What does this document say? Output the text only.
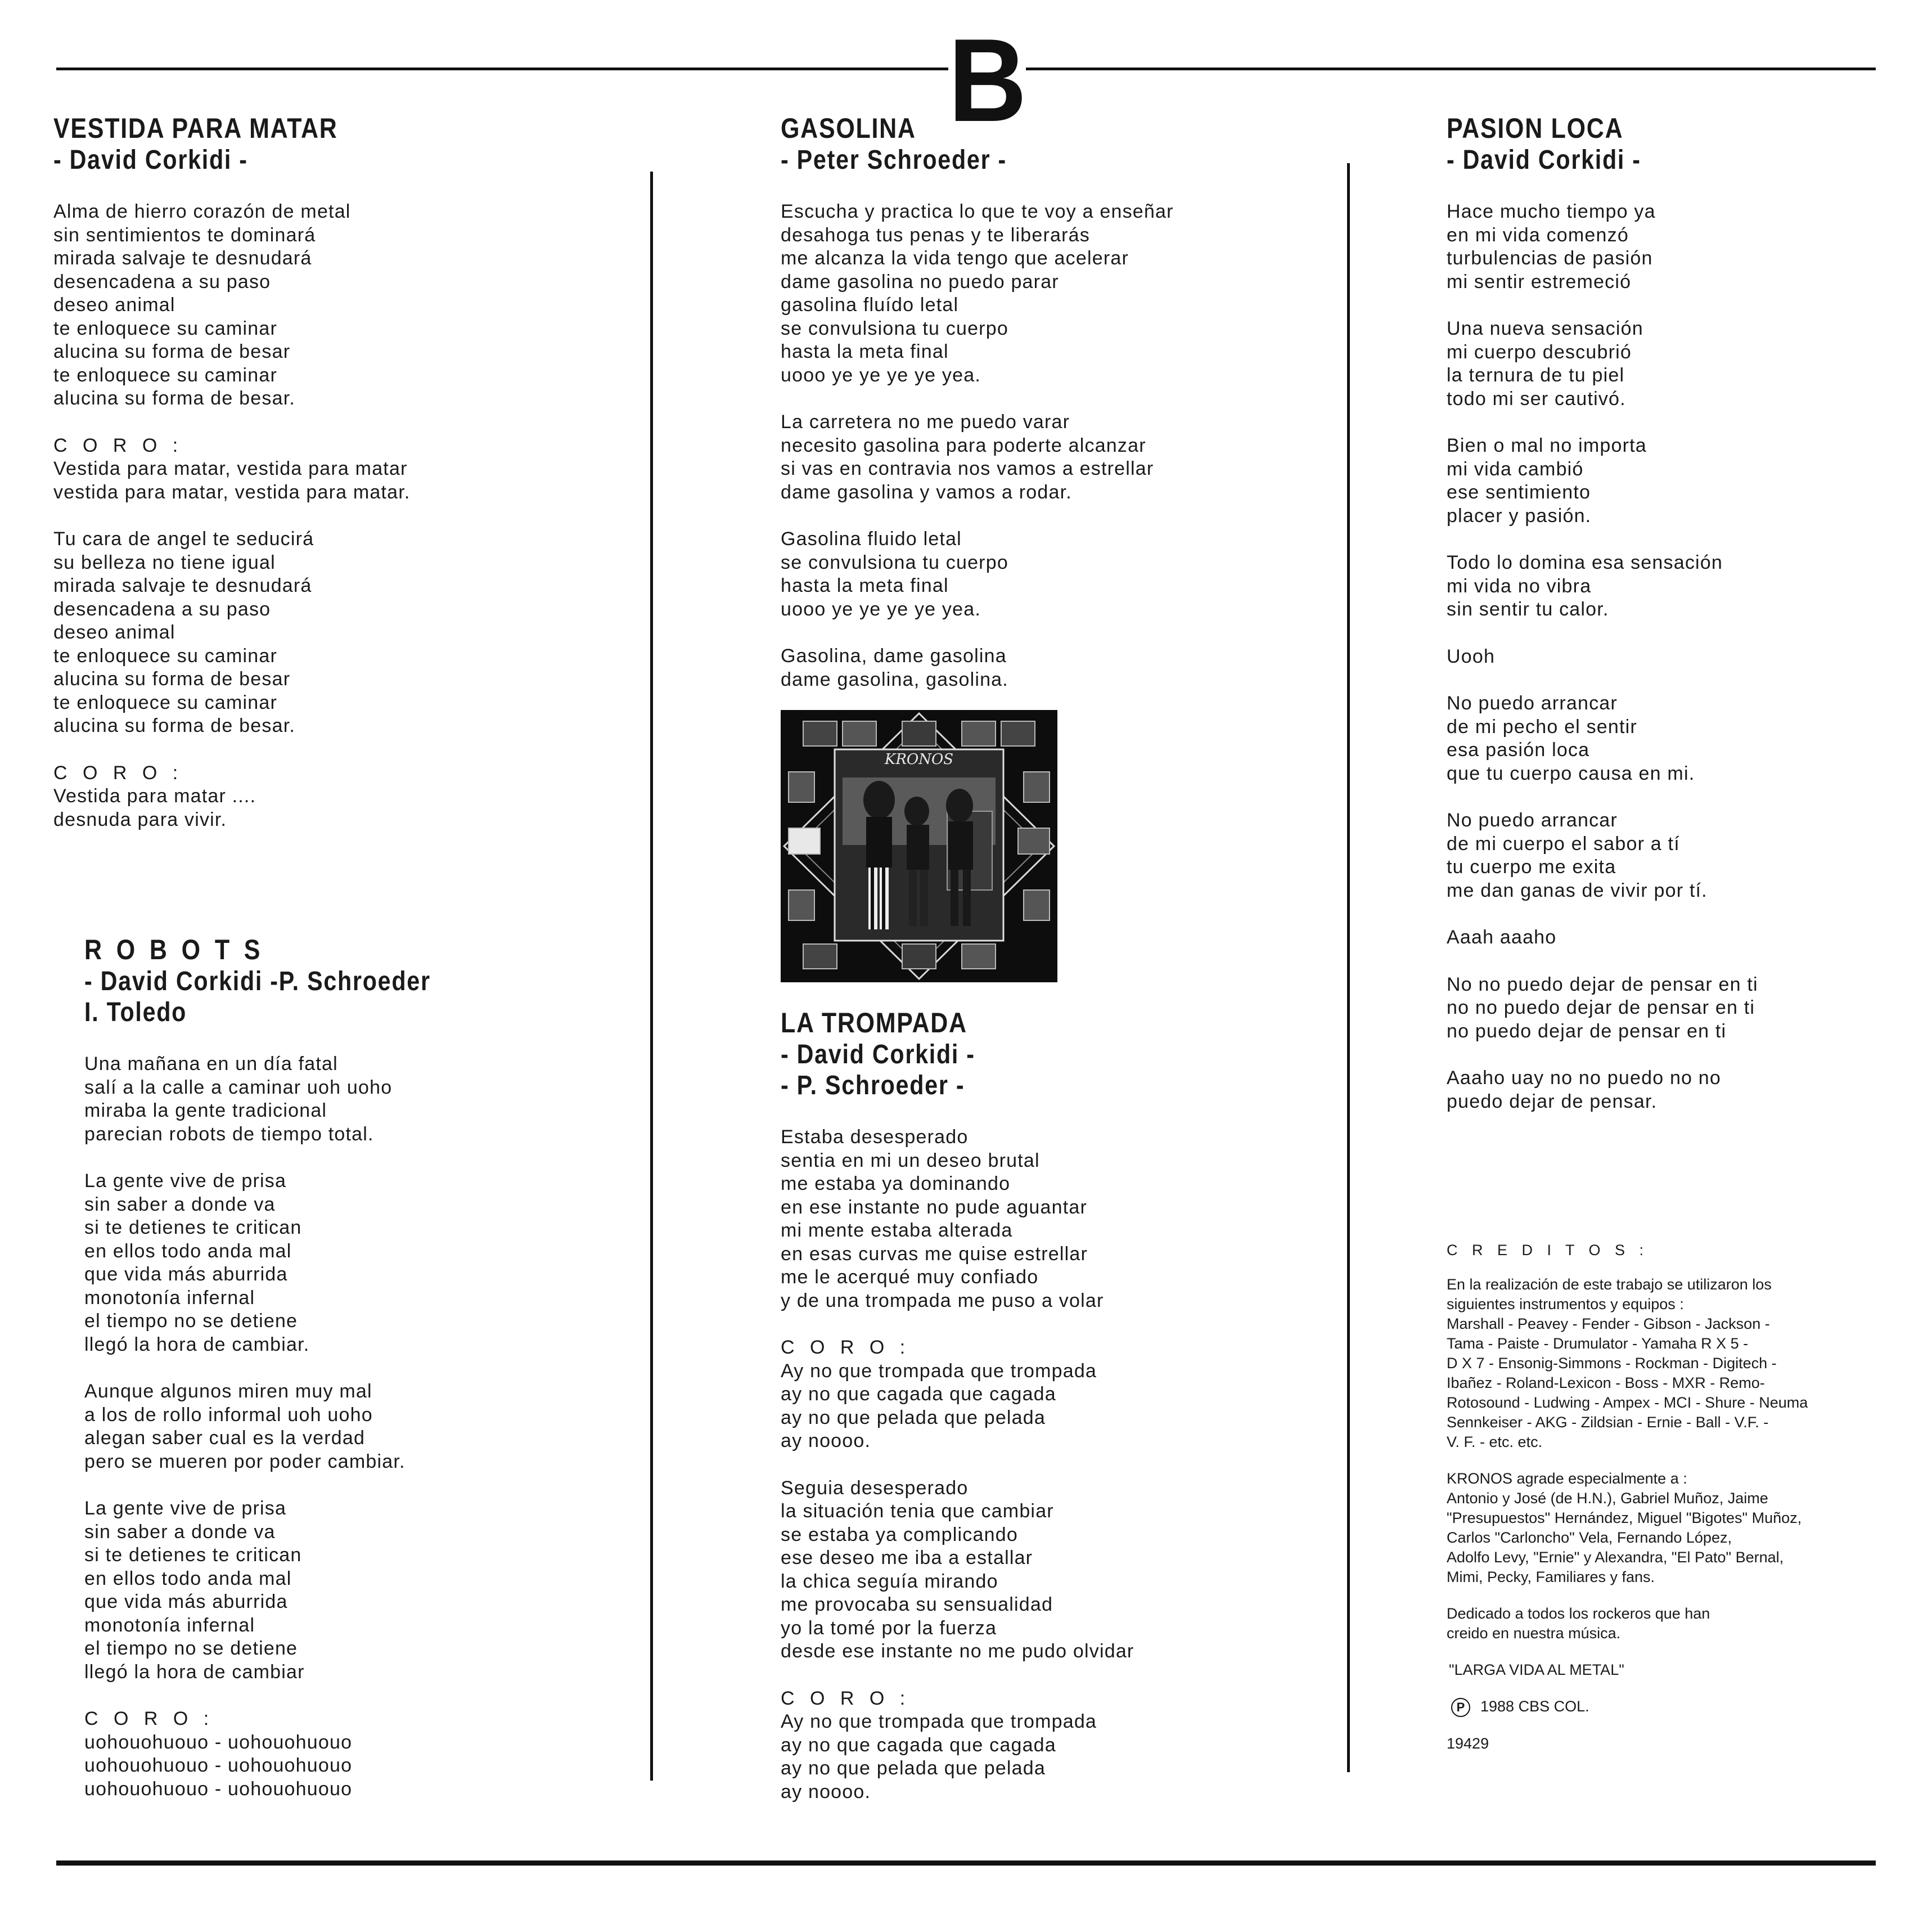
B
VESTIDA PARA MATAR
- David Corkidi -
Alma de hierro corazón de metal
sin sentimientos te dominará
mirada salvaje te desnudará
desencadena a su paso
deseo animal
te enloquece su caminar
alucina su forma de besar
te enloquece su caminar
alucina su forma de besar.
C O R O :
Vestida para matar, vestida para matar
vestida para matar, vestida para matar.
Tu cara de angel te seducirá
su belleza no tiene igual
mirada salvaje te desnudará
desencadena a su paso
deseo animal
te enloquece su caminar
alucina su forma de besar
te enloquece su caminar
alucina su forma de besar.
C O R O :
Vestida para matar ....
desnuda para vivir.
R O B O T S
- David Corkidi -P. Schroeder
I. Toledo
Una mañana en un día fatal
salí a la calle a caminar uoh uoho
miraba la gente tradicional
parecian robots de tiempo total.
La gente vive de prisa
sin saber a donde va
si te detienes te critican
en ellos todo anda mal
que vida más aburrida
monotonía infernal
el tiempo no se detiene
llegó la hora de cambiar.
Aunque algunos miren muy mal
a los de rollo informal uoh uoho
alegan saber cual es la verdad
pero se mueren por poder cambiar.
La gente vive de prisa
sin saber a donde va
si te detienes te critican
en ellos todo anda mal
que vida más aburrida
monotonía infernal
el tiempo no se detiene
llegó la hora de cambiar
C O R O :
uohouohuouo - uohouohuouo
uohouohuouo - uohouohuouo
uohouohuouo - uohouohuouo
GASOLINA
- Peter Schroeder -
Escucha y practica lo que te voy a enseñar
desahoga tus penas y te liberarás
me alcanza la vida tengo que acelerar
dame gasolina no puedo parar
gasolina fluído letal
se convulsiona tu cuerpo
hasta la meta final
uooo ye ye ye ye yea.
La carretera no me puedo varar
necesito gasolina para poderte alcanzar
si vas en contravia nos vamos a estrellar
dame gasolina y vamos a rodar.
Gasolina fluido letal
se convulsiona tu cuerpo
hasta la meta final
uooo ye ye ye ye yea.
Gasolina, dame gasolina
dame gasolina, gasolina.
LA TROMPADA
- David Corkidi -
- P. Schroeder -
Estaba desesperado
sentia en mi un deseo brutal
me estaba ya dominando
en ese instante no pude aguantar
mi mente estaba alterada
en esas curvas me quise estrellar
me le acerqué muy confiado
y de una trompada me puso a volar
C O R O :
Ay no que trompada que trompada
ay no que cagada que cagada
ay no que pelada que pelada
ay noooo.
Seguia desesperado
la situación tenia que cambiar
se estaba ya complicando
ese deseo me iba a estallar
la chica seguía mirando
me provocaba su sensualidad
yo la tomé por la fuerza
desde ese instante no me pudo olvidar
C O R O :
Ay no que trompada que trompada
ay no que cagada que cagada
ay no que pelada que pelada
ay noooo.
KRONOS
PASION LOCA
- David Corkidi -
Hace mucho tiempo ya
en mi vida comenzó
turbulencias de pasión
mi sentir estremeció
Una nueva sensación
mi cuerpo descubrió
la ternura de tu piel
todo mi ser cautivó.
Bien o mal no importa
mi vida cambió
ese sentimiento
placer y pasión.
Todo lo domina esa sensación
mi vida no vibra
sin sentir tu calor.
Uooh
No puedo arrancar
de mi pecho el sentir
esa pasión loca
que tu cuerpo causa en mi.
No puedo arrancar
de mi cuerpo el sabor a tí
tu cuerpo me exita
me dan ganas de vivir por tí.
Aaah aaaho
No no puedo dejar de pensar en ti
no no puedo dejar de pensar en ti
no puedo dejar de pensar en ti
Aaaho uay no no puedo no no
puedo dejar de pensar.
C R E D I T O S :
En la realización de este trabajo se utilizaron los
siguientes instrumentos y equipos :
Marshall - Peavey - Fender - Gibson - Jackson -
Tama - Paiste - Drumulator - Yamaha R X 5 -
D X 7 - Ensonig-Simmons - Rockman - Digitech -
Ibañez - Roland-Lexicon - Boss - MXR - Remo-
Rotosound - Ludwing - Ampex - MCI - Shure - Neuma
Sennkeiser - AKG - Zildsian - Ernie - Ball - V.F. -
V. F. - etc. etc.
KRONOS agrade especialmente a :
Antonio y José (de H.N.), Gabriel Muñoz, Jaime
"Presupuestos" Hernández, Miguel "Bigotes" Muñoz,
Carlos "Carloncho" Vela, Fernando López,
Adolfo Levy, "Ernie" y Alexandra, "El Pato" Bernal,
Mimi, Pecky, Familiares y fans.
Dedicado a todos los rockeros que han
creido en nuestra música.
"LARGA VIDA AL METAL"
P 1988 CBS COL.
19429
